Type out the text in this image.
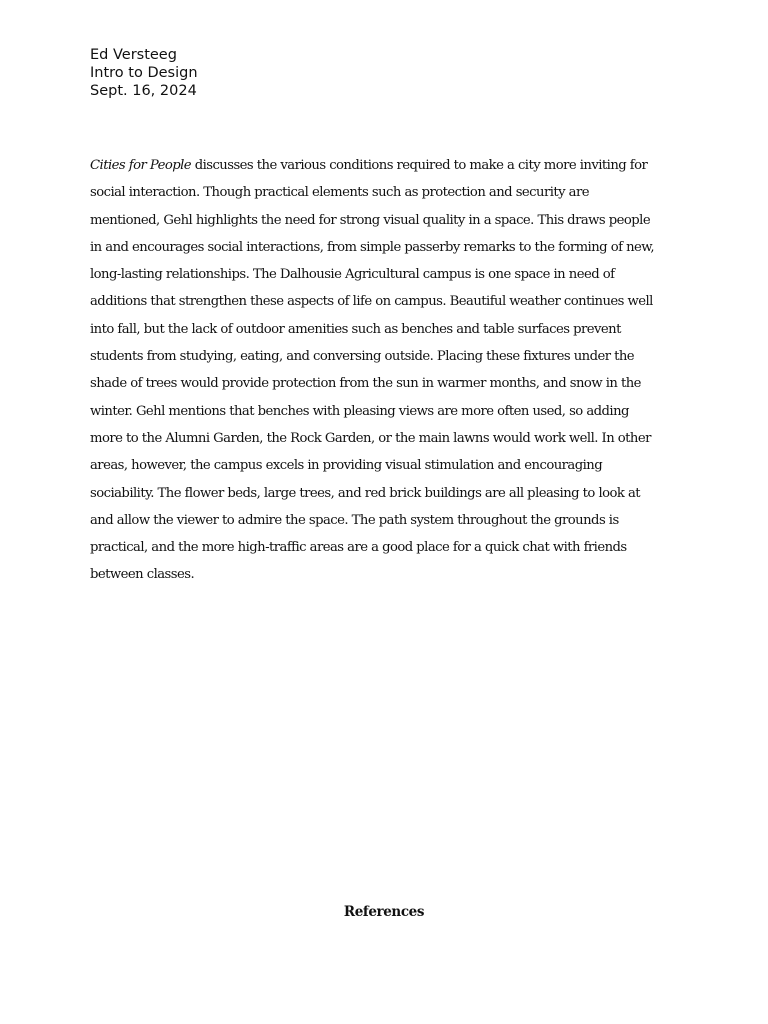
Ed Versteeg
Intro to Design
Sept. 16, 2024
Cities for People discusses the various conditions required to make a city more inviting for
social interaction. Though practical elements such as protection and security are
mentioned, Gehl highlights the need for strong visual quality in a space. This draws people
in and encourages social interactions, from simple passerby remarks to the forming of new,
long-lasting relationships. The Dalhousie Agricultural campus is one space in need of
additions that strengthen these aspects of life on campus. Beautiful weather continues well
into fall, but the lack of outdoor amenities such as benches and table surfaces prevent
students from studying, eating, and conversing outside. Placing these fixtures under the
shade of trees would provide protection from the sun in warmer months, and snow in the
winter. Gehl mentions that benches with pleasing views are more often used, so adding
more to the Alumni Garden, the Rock Garden, or the main lawns would work well. In other
areas, however, the campus excels in providing visual stimulation and encouraging
sociability. The flower beds, large trees, and red brick buildings are all pleasing to look at
and allow the viewer to admire the space. The path system throughout the grounds is
practical, and the more high-traffic areas are a good place for a quick chat with friends
between classes.
References
